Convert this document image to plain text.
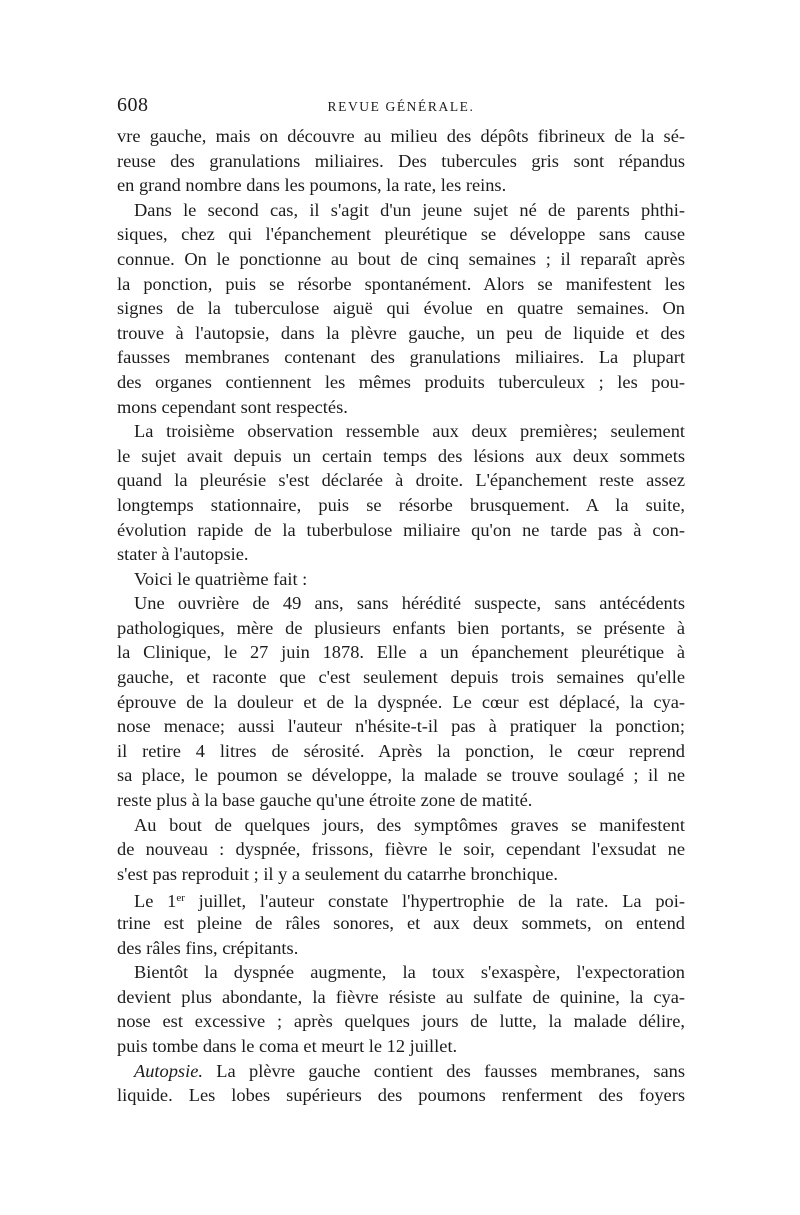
608	REVUE GÉNÉRALE.
vre gauche, mais on découvre au milieu des dépôts fibrineux de la sé-
reuse des granulations miliaires. Des tubercules gris sont répandus
en grand nombre dans les poumons, la rate, les reins.
Dans le second cas, il s'agit d'un jeune sujet né de parents phthi-
siques, chez qui l'épanchement pleurétique se développe sans cause
connue. On le ponctionne au bout de cinq semaines ; il reparaît après
la ponction, puis se résorbe spontanément. Alors se manifestent les
signes de la tuberculose aiguë qui évolue en quatre semaines. On
trouve à l'autopsie, dans la plèvre gauche, un peu de liquide et des
fausses membranes contenant des granulations miliaires. La plupart
des organes contiennent les mêmes produits tuberculeux ; les pou-
mons cependant sont respectés.
La troisième observation ressemble aux deux premières; seulement
le sujet avait depuis un certain temps des lésions aux deux sommets
quand la pleurésie s'est déclarée à droite. L'épanchement reste assez
longtemps stationnaire, puis se résorbe brusquement. A la suite,
évolution rapide de la tuberbulose miliaire qu'on ne tarde pas à con-
stater à l'autopsie.
Voici le quatrième fait :
Une ouvrière de 49 ans, sans hérédité suspecte, sans antécédents
pathologiques, mère de plusieurs enfants bien portants, se présente à
la Clinique, le 27 juin 1878. Elle a un épanchement pleurétique à
gauche, et raconte que c'est seulement depuis trois semaines qu'elle
éprouve de la douleur et de la dyspnée. Le cœur est déplacé, la cya-
nose menace; aussi l'auteur n'hésite-t-il pas à pratiquer la ponction;
il retire 4 litres de sérosité. Après la ponction, le cœur reprend
sa place, le poumon se développe, la malade se trouve soulagé ; il ne
reste plus à la base gauche qu'une étroite zone de matité.
Au bout de quelques jours, des symptômes graves se manifestent
de nouveau : dyspnée, frissons, fièvre le soir, cependant l'exsudat ne
s'est pas reproduit ; il y a seulement du catarrhe bronchique.
Le 1er juillet, l'auteur constate l'hypertrophie de la rate. La poi-
trine est pleine de râles sonores, et aux deux sommets, on entend
des râles fins, crépitants.
Bientôt la dyspnée augmente, la toux s'exaspère, l'expectoration
devient plus abondante, la fièvre résiste au sulfate de quinine, la cya-
nose est excessive ; après quelques jours de lutte, la malade délire,
puis tombe dans le coma et meurt le 12 juillet.
Autopsie. La plèvre gauche contient des fausses membranes, sans
liquide. Les lobes supérieurs des poumons renferment des foyers
